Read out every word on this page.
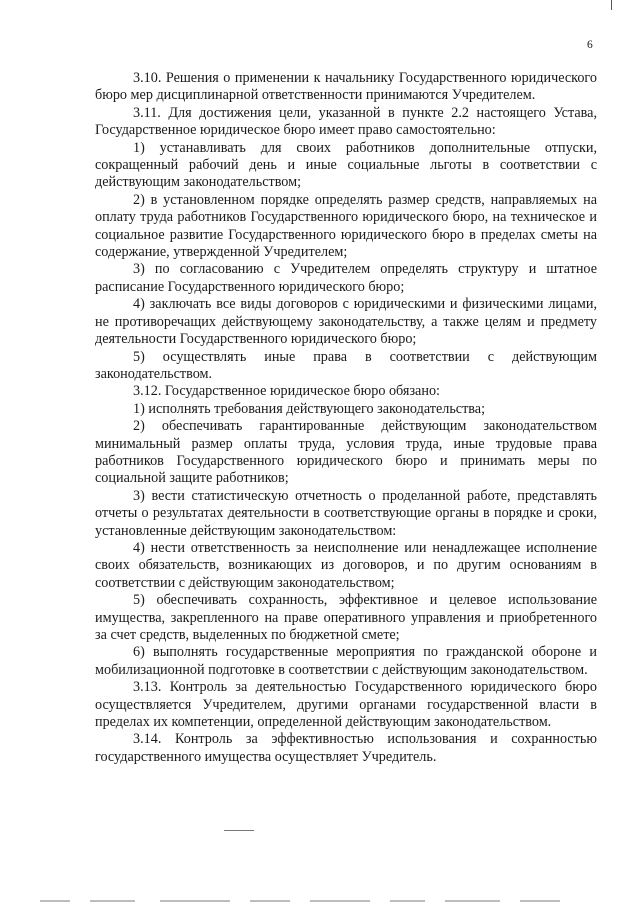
6

3.10. Решения о применении к начальнику Государственного юридического бюро мер дисциплинарной ответственности принимаются Учредителем.

3.11. Для достижения цели, указанной в пункте 2.2 настоящего Устава, Государственное юридическое бюро имеет право самостоятельно:

1) устанавливать для своих работников дополнительные отпуски, сокращенный рабочий день и иные социальные льготы в соответствии с действующим законодательством;

2) в установленном порядке определять размер средств, направляемых на оплату труда работников Государственного юридического бюро, на техническое и социальное развитие Государственного юридического бюро в пределах сметы на содержание, утвержденной Учредителем;

3) по согласованию с Учредителем определять структуру и штатное расписание Государственного юридического бюро;

4) заключать все виды договоров с юридическими и физическими лицами, не противоречащих действующему законодательству, а также целям и предмету деятельности Государственного юридического бюро;

5) осуществлять иные права в соответствии с действующим законодательством.

3.12. Государственное юридическое бюро обязано:

1) исполнять требования действующего законодательства;

2) обеспечивать гарантированные действующим законодательством минимальный размер оплаты труда, условия труда, иные трудовые права работников Государственного юридического бюро и принимать меры по социальной защите работников;

3) вести статистическую отчетность о проделанной работе, представлять отчеты о результатах деятельности в соответствующие органы в порядке и сроки, установленные действующим законодательством:

4) нести ответственность за неисполнение или ненадлежащее исполнение своих обязательств, возникающих из договоров, и по другим основаниям в соответствии с действующим законодательством;

5) обеспечивать сохранность, эффективное и целевое использование имущества, закрепленного на праве оперативного управления и приобретенного за счет средств, выделенных по бюджетной смете;

6) выполнять государственные мероприятия по гражданской обороне и мобилизационной подготовке в соответствии с действующим законодательством.

3.13. Контроль за деятельностью Государственного юридического бюро осуществляется Учредителем, другими органами государственной власти в пределах их компетенции, определенной действующим законодательством.

3.14. Контроль за эффективностью использования и сохранностью государственного имущества осуществляет Учредитель.
